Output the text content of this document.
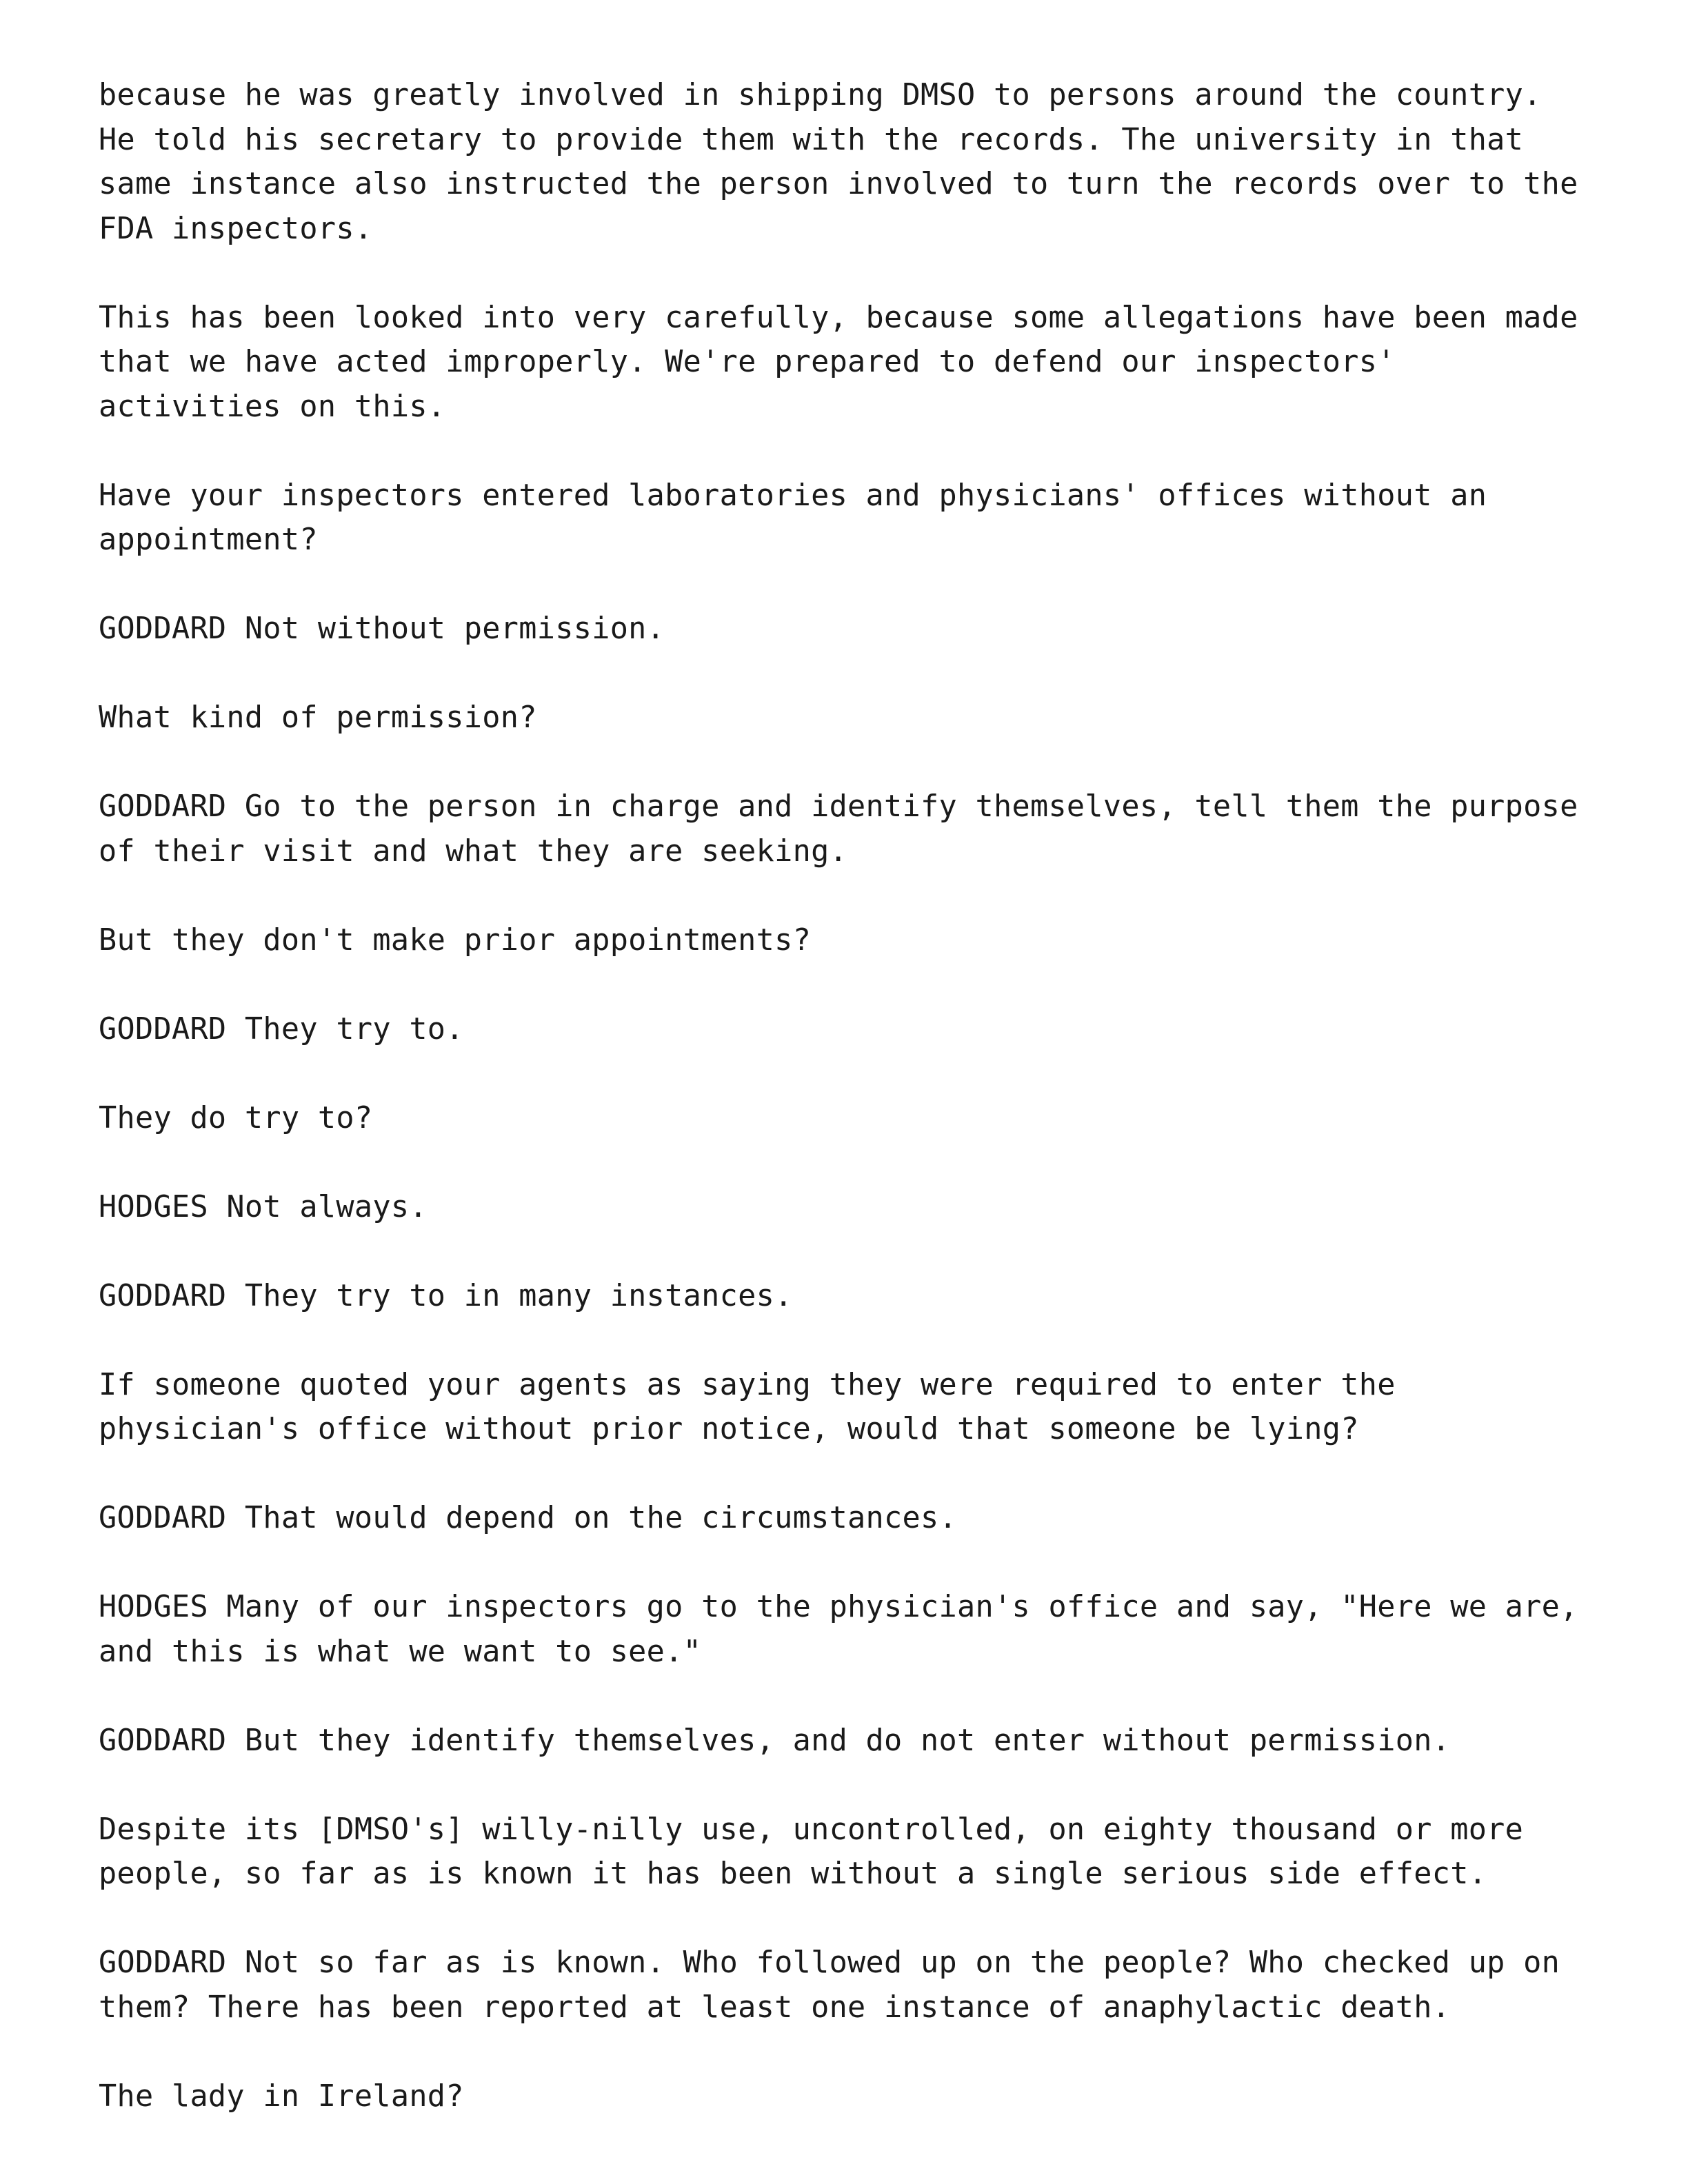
because he was greatly involved in shipping DMSO to persons around the country.
He told his secretary to provide them with the records. The university in that
same instance also instructed the person involved to turn the records over to the
FDA inspectors.

This has been looked into very carefully, because some allegations have been made
that we have acted improperly. We're prepared to defend our inspectors'
activities on this.

Have your inspectors entered laboratories and physicians' offices without an
appointment?

GODDARD Not without permission.

What kind of permission?

GODDARD Go to the person in charge and identify themselves, tell them the purpose
of their visit and what they are seeking.

But they don't make prior appointments?

GODDARD They try to.

They do try to?

HODGES Not always.

GODDARD They try to in many instances.

If someone quoted your agents as saying they were required to enter the
physician's office without prior notice, would that someone be lying?

GODDARD That would depend on the circumstances.

HODGES Many of our inspectors go to the physician's office and say, "Here we are,
and this is what we want to see."

GODDARD But they identify themselves, and do not enter without permission.

Despite its [DMSO's] willy-nilly use, uncontrolled, on eighty thousand or more
people, so far as is known it has been without a single serious side effect.

GODDARD Not so far as is known. Who followed up on the people? Who checked up on
them? There has been reported at least one instance of anaphylactic death.

The lady in Ireland?
